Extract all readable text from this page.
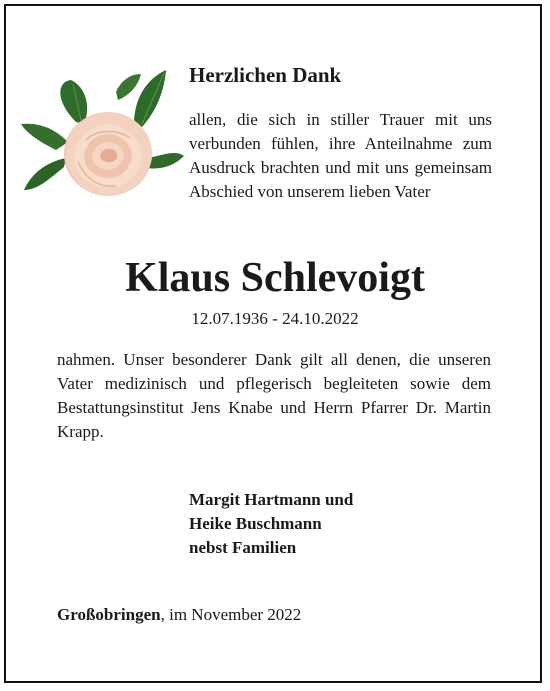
Herzlichen Dank

allen, die sich in stiller Trauer mit uns verbunden fühlen, ihre Anteilnahme zum Ausdruck brachten und mit uns gemeinsam Abschied von unserem lieben Vater

Klaus Schlevoigt
12.07.1936 - 24.10.2022

nahmen. Unser besonderer Dank gilt all denen, die unseren Vater medizinisch und pflegerisch begleiteten sowie dem Bestattungsinstitut Jens Knabe und Herrn Pfarrer Dr. Martin Krapp.

Margit Hartmann und
Heike Buschmann
nebst Familien
Großobringen, im November 2022
